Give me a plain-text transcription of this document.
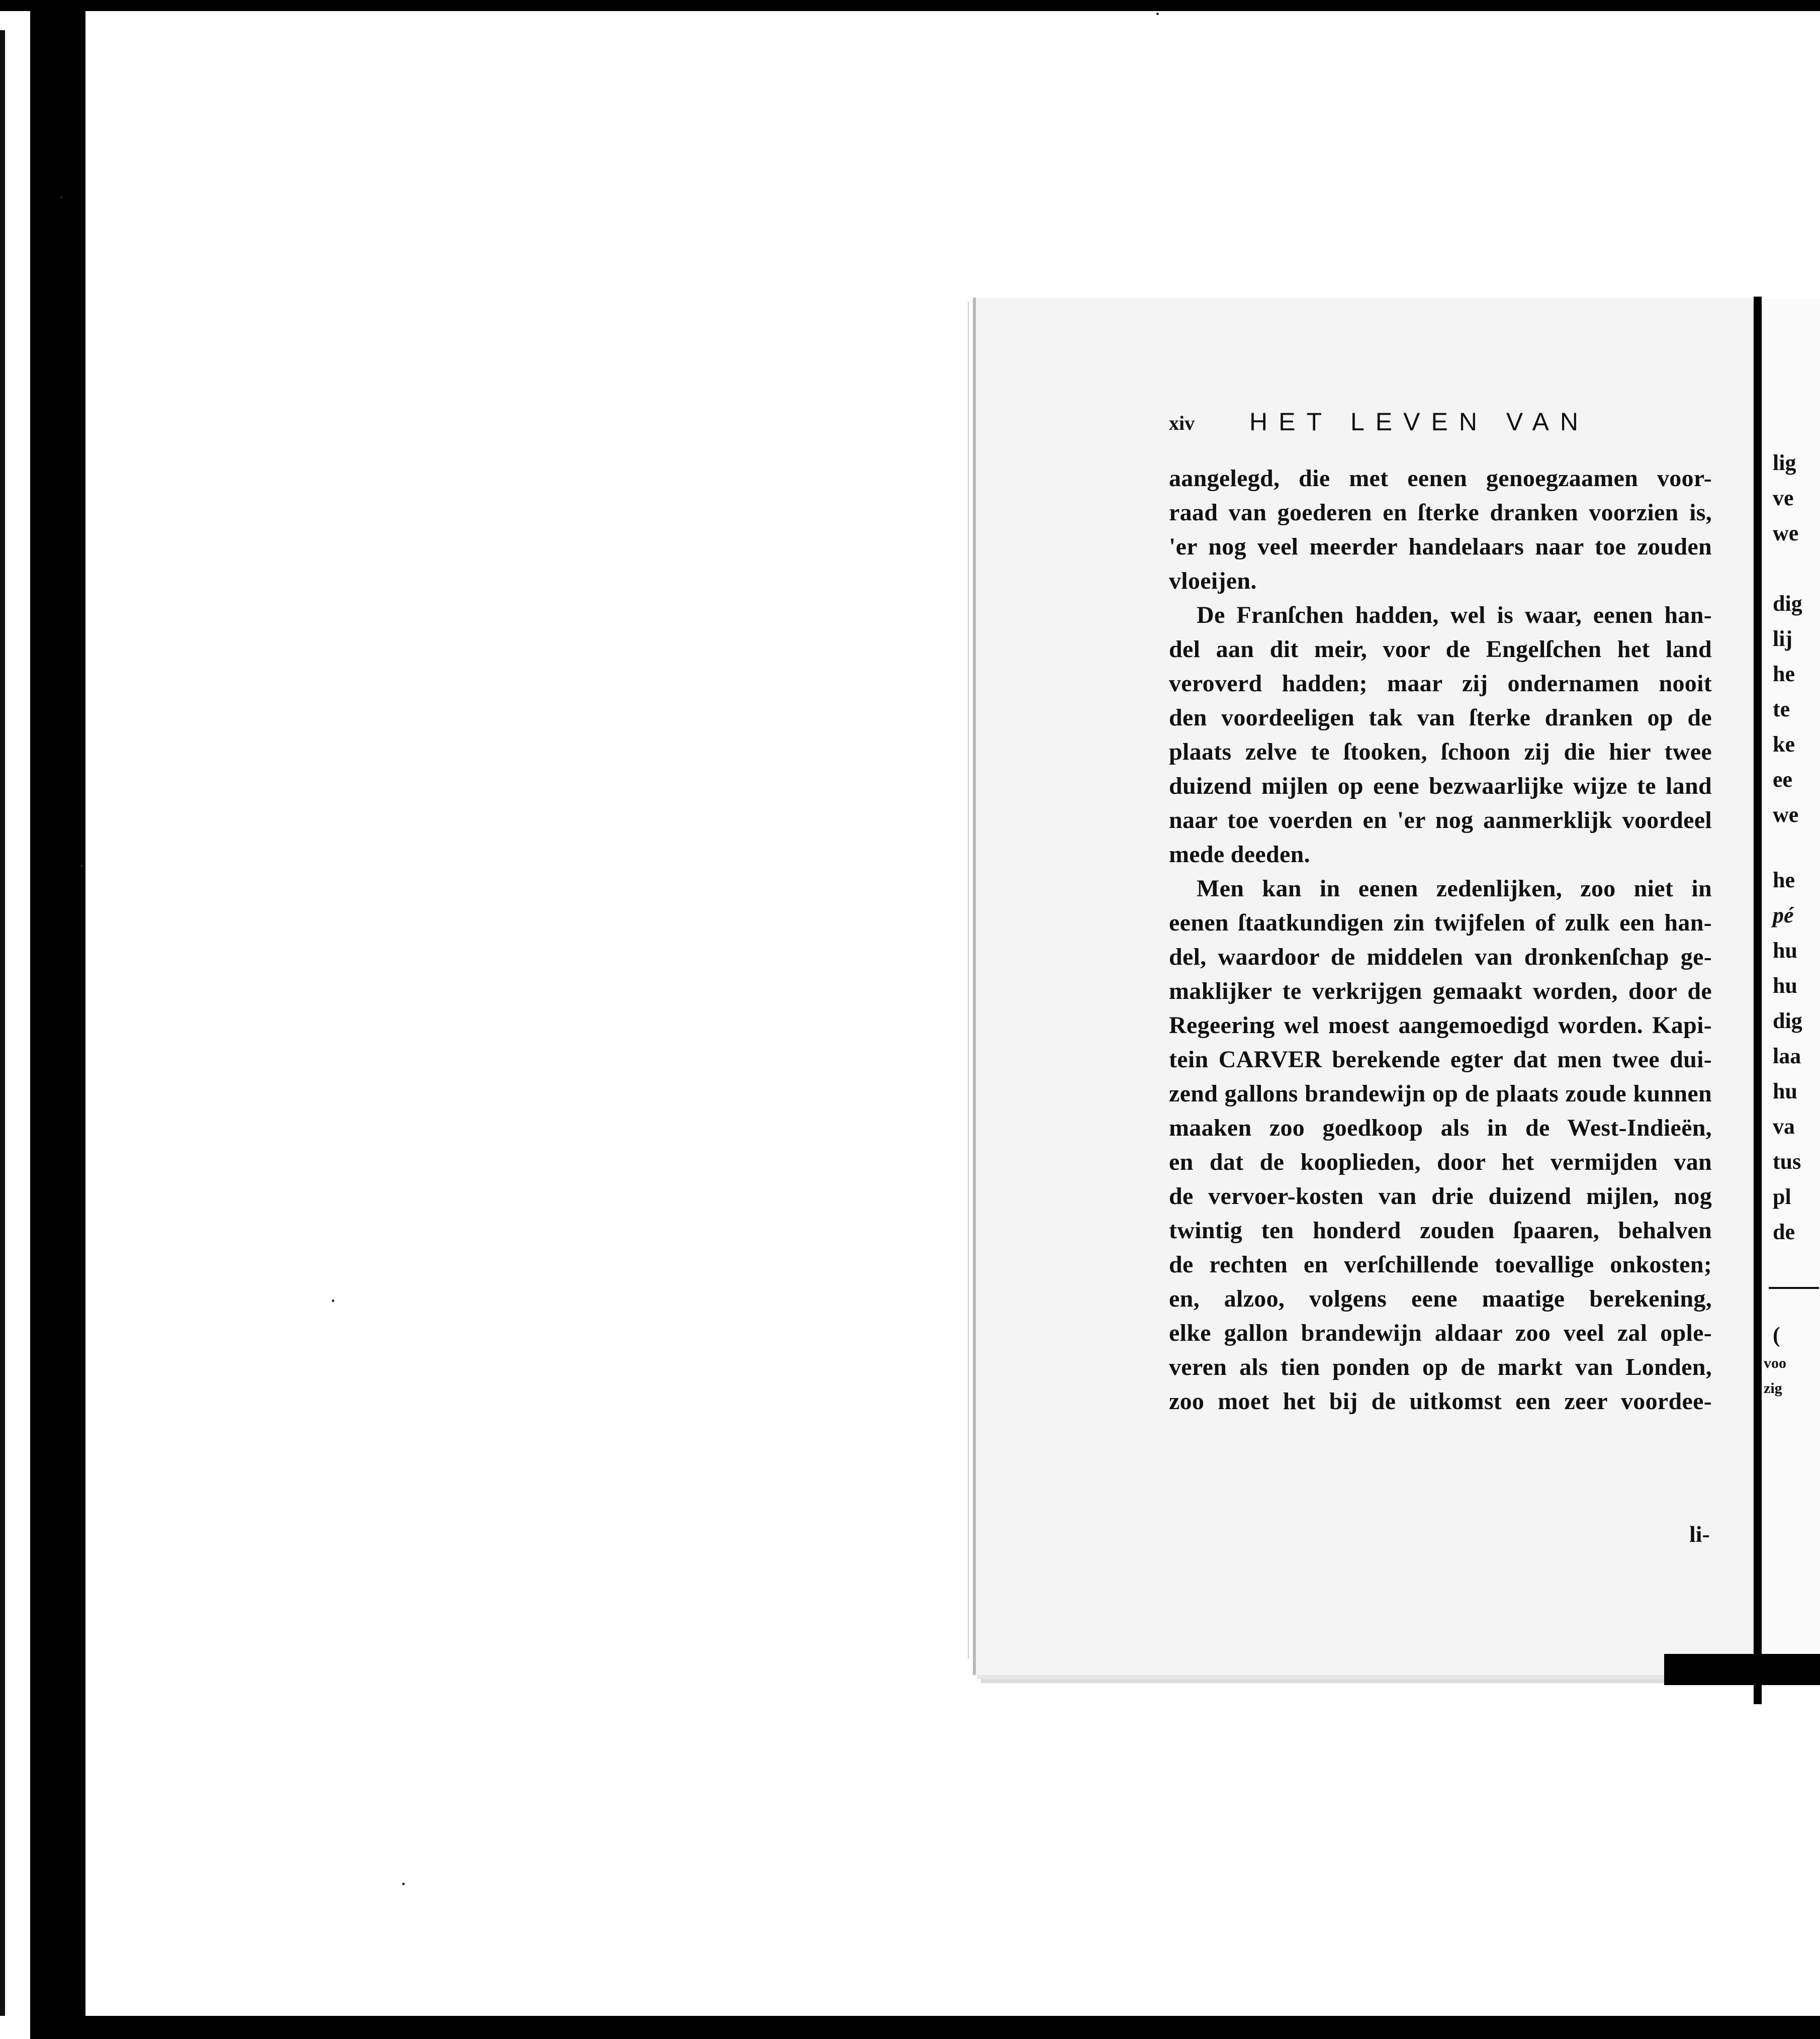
xiv HET LEVEN VAN
aangelegd, die met eenen genoegzaamen voor-
raad van goederen en ſterke dranken voorzien is,
'er nog veel meerder handelaars naar toe zouden
vloeijen.
De Franſchen hadden, wel is waar, eenen han-
del aan dit meir, voor de Engelſchen het land
veroverd hadden; maar zij ondernamen nooit
den voordeeligen tak van ſterke dranken op de
plaats zelve te ſtooken, ſchoon zij die hier twee
duizend mijlen op eene bezwaarlijke wijze te land
naar toe voerden en 'er nog aanmerklijk voordeel
mede deeden.
Men kan in eenen zedenlijken, zoo niet in
eenen ſtaatkundigen zin twijfelen of zulk een han-
del, waardoor de middelen van dronkenſchap ge-
maklijker te verkrijgen gemaakt worden, door de
Regeering wel moest aangemoedigd worden. Kapi-
tein CARVER berekende egter dat men twee dui-
zend gallons brandewijn op de plaats zoude kunnen
maaken zoo goedkoop als in de West-Indieën,
en dat de kooplieden, door het vermijden van
de vervoer-kosten van drie duizend mijlen, nog
twintig ten honderd zouden ſpaaren, behalven
de rechten en verſchillende toevallige onkosten;
en, alzoo, volgens eene maatige berekening,
elke gallon brandewijn aldaar zoo veel zal ople-
veren als tien ponden op de markt van Londen,
zoo moet het bij de uitkomst een zeer voordee-
li-
lig
ve
we
dig
lij
he
te
ke
ee
we
he
pé
hu
hu
dig
laa
hu
va
tus
pl
de
(
voo
zig
